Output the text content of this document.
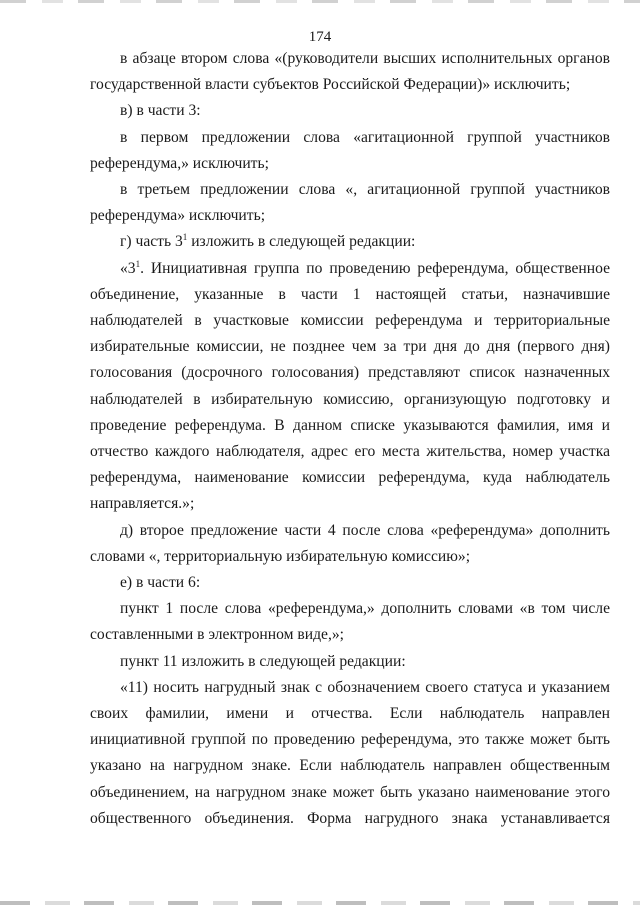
174

в абзаце втором слова «(руководители высших исполнительных органов государственной власти субъектов Российской Федерации)» исключить;

в) в части 3:

в первом предложении слова «агитационной группой участников референдума,» исключить;

в третьем предложении слова «, агитационной группой участников референдума» исключить;

г) часть $3^1$ изложить в следующей редакции:

«$3^1$. Инициативная группа по проведению референдума, общественное объединение, указанные в части 1 настоящей статьи, назначившие наблюдателей в участковые комиссии референдума и территориальные избирательные комиссии, не позднее чем за три дня до дня (первого дня) голосования (досрочного голосования) представляют список назначенных наблюдателей в избирательную комиссию, организующую подготовку и проведение референдума. В данном списке указываются фамилия, имя и отчество каждого наблюдателя, адрес его места жительства, номер участка референдума, наименование комиссии референдума, куда наблюдатель направляется.»;

д) второе предложение части 4 после слова «референдума» дополнить словами «, территориальную избирательную комиссию»;

е) в части 6:

пункт 1 после слова «референдума,» дополнить словами «в том числе составленными в электронном виде,»;

пункт 11 изложить в следующей редакции:

«11) носить нагрудный знак с обозначением своего статуса и указанием своих фамилии, имени и отчества. Если наблюдатель направлен инициативной группой по проведению референдума, это также может быть указано на нагрудном знаке. Если наблюдатель направлен общественным объединением, на нагрудном знаке может быть указано наименование этого общественного объединения. Форма нагрудного знака устанавливается
